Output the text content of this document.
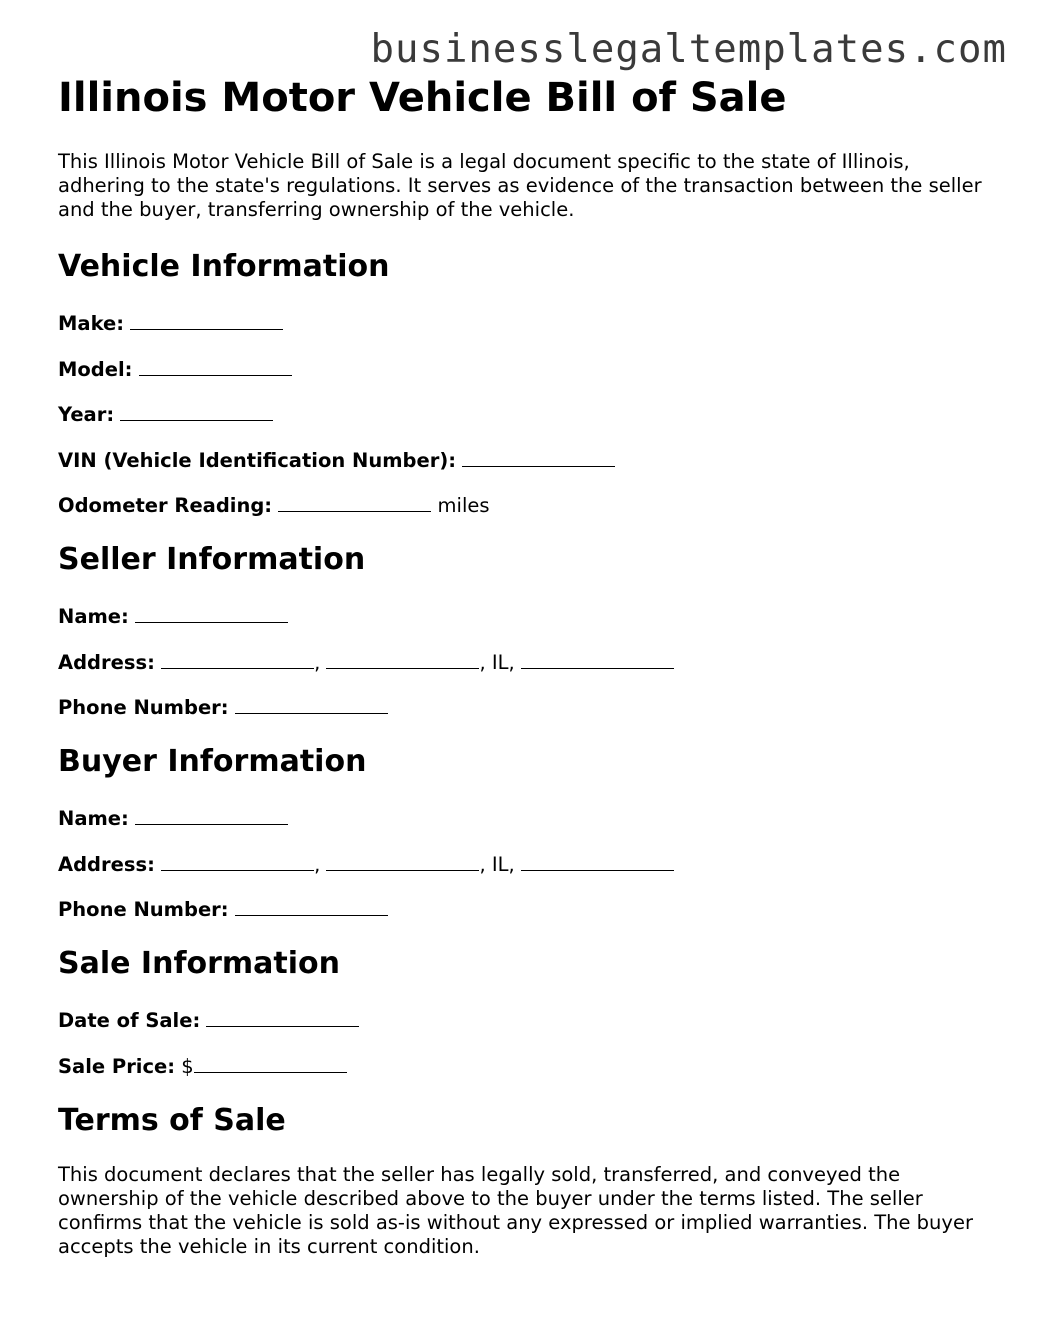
businesslegaltemplates.com
Illinois Motor Vehicle Bill of Sale

This Illinois Motor Vehicle Bill of Sale is a legal document specific to the state of Illinois, adhering to the state's regulations. It serves as evidence of the transaction between the seller and the buyer, transferring ownership of the vehicle.

Vehicle Information

Make:

Model:

Year:

VIN (Vehicle Identification Number):

Odometer Reading:	miles

Seller Information

Name:

Address:	,	, IL,

Phone Number:

Buyer Information

Name:

Address:	,	, IL,

Phone Number:

Sale Information

Date of Sale:

Sale Price: $

Terms of Sale

This document declares that the seller has legally sold, transferred, and conveyed the ownership of the vehicle described above to the buyer under the terms listed. The seller confirms that the vehicle is sold as-is without any expressed or implied warranties. The buyer accepts the vehicle in its current condition.
